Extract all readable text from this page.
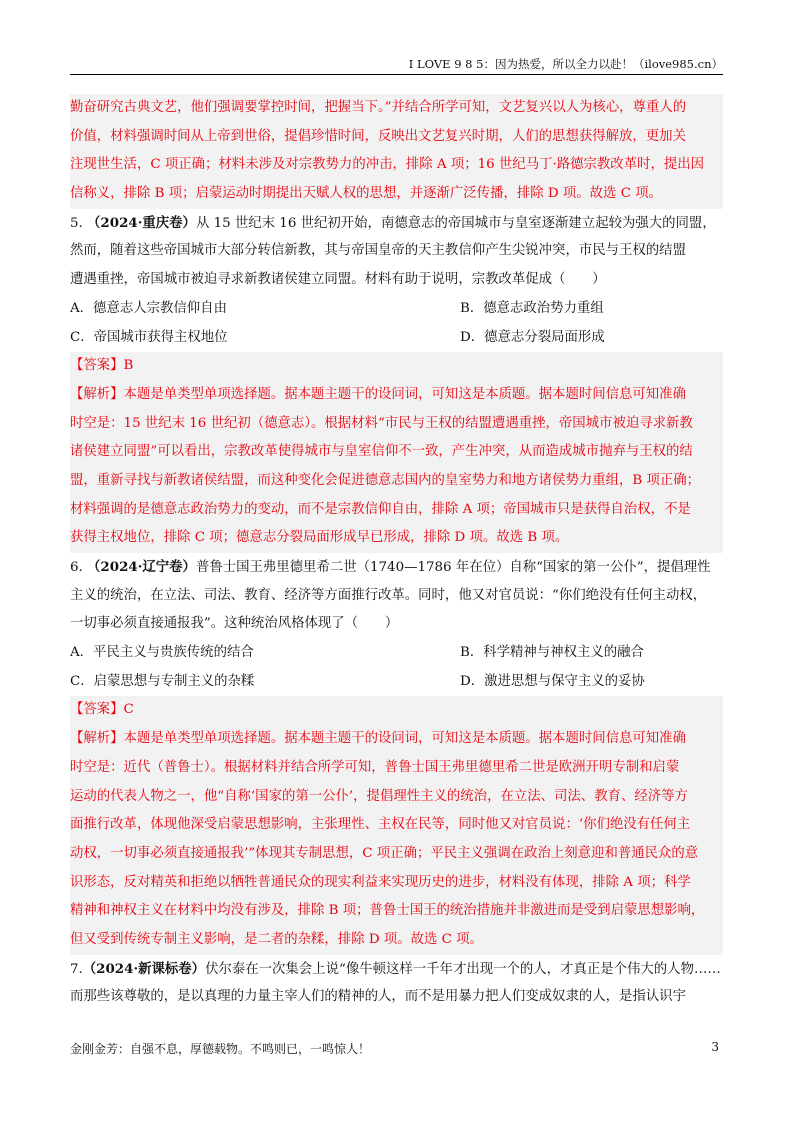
I LOVE 9 8 5：因为热爱，所以全力以赴！（ilove985.cn）
勤奋研究古典文艺，他们强调要掌控时间，把握当下。”并结合所学可知，文艺复兴以人为核心，尊重人的
价值，材料强调时间从上帝到世俗，提倡珍惜时间，反映出文艺复兴时期，人们的思想获得解放，更加关
注现世生活，C 项正确；材料未涉及对宗教势力的冲击，排除 A 项；16 世纪马丁·路德宗教改革时，提出因
信称义，排除 B 项；启蒙运动时期提出天赋人权的思想，并逐渐广泛传播，排除 D 项。故选 C 项。
5. （2024·重庆卷）从 15 世纪末 16 世纪初开始，南德意志的帝国城市与皇室逐渐建立起较为强大的同盟，
然而，随着这些帝国城市大部分转信新教，其与帝国皇帝的天主教信仰产生尖锐冲突，市民与王权的结盟
遭遇重挫，帝国城市被迫寻求新教诸侯建立同盟。材料有助于说明，宗教改革促成（　　）
A．德意志人宗教信仰自由	B．德意志政治势力重组
C．帝国城市获得主权地位	D．德意志分裂局面形成
【答案】B
【解析】本题是单类型单项选择题。据本题主题干的设问词，可知这是本质题。据本题时间信息可知准确
时空是：15 世纪末 16 世纪初（德意志）。根据材料“市民与王权的结盟遭遇重挫，帝国城市被迫寻求新教
诸侯建立同盟”可以看出，宗教改革使得城市与皇室信仰不一致，产生冲突，从而造成城市抛弃与王权的结
盟，重新寻找与新教诸侯结盟，而这种变化会促进德意志国内的皇室势力和地方诸侯势力重组，B 项正确；
材料强调的是德意志政治势力的变动，而不是宗教信仰自由，排除 A 项；帝国城市只是获得自治权，不是
获得主权地位，排除 C 项；德意志分裂局面形成早已形成，排除 D 项。故选 B 项。
6. （2024·辽宁卷）普鲁士国王弗里德里希二世（1740—1786 年在位）自称“国家的第一公仆”，提倡理性
主义的统治，在立法、司法、教育、经济等方面推行改革。同时，他又对官员说：“你们绝没有任何主动权，
一切事必须直接通报我”。这种统治风格体现了（　　）
A．平民主义与贵族传统的结合	B．科学精神与神权主义的融合
C．启蒙思想与专制主义的杂糅	D．激进思想与保守主义的妥协
【答案】C
【解析】本题是单类型单项选择题。据本题主题干的设问词，可知这是本质题。据本题时间信息可知准确
时空是：近代（普鲁士）。根据材料并结合所学可知，普鲁士国王弗里德里希二世是欧洲开明专制和启蒙
运动的代表人物之一，他“自称‘国家的第一公仆’，提倡理性主义的统治，在立法、司法、教育、经济等方
面推行改革，体现他深受启蒙思想影响，主张理性、主权在民等，同时他又对官员说：‘你们绝没有任何主
动权，一切事必须直接通报我’”体现其专制思想，C 项正确；平民主义强调在政治上刻意迎和普通民众的意
识形态，反对精英和拒绝以牺牲普通民众的现实利益来实现历史的进步，材料没有体现，排除 A 项；科学
精神和神权主义在材料中均没有涉及，排除 B 项；普鲁士国王的统治措施并非激进而是受到启蒙思想影响，
但又受到传统专制主义影响，是二者的杂糅，排除 D 项。故选 C 项。
7.（2024·新课标卷）伏尔泰在一次集会上说“像牛顿这样一千年才出现一个的人，才真正是个伟大的人物……
而那些该尊敬的，是以真理的力量主宰人们的精神的人，而不是用暴力把人们变成奴隶的人，是指认识宇
金刚金芳：自强不息，厚德载物。不鸣则已，一鸣惊人！	3
